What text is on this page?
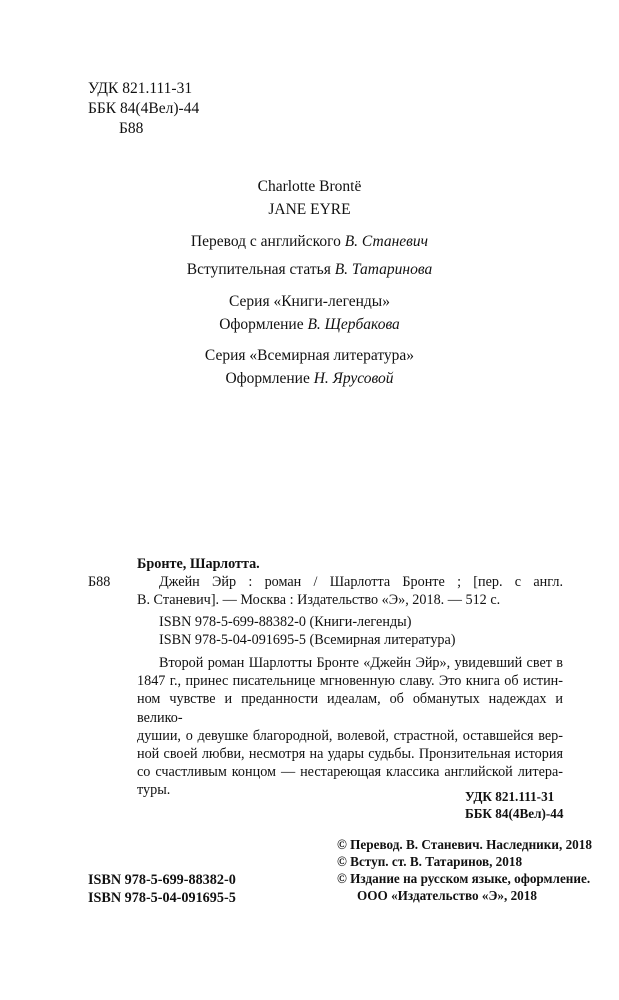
УДК 821.111-31
ББК 84(4Вел)-44
Б88
Charlotte Brontë
JANE EYRE
Перевод с английского В. Станевич
Вступительная статья В. Татаринова
Серия «Книги-легенды»
Оформление В. Щербакова
Серия «Всемирная литература»
Оформление Н. Ярусовой
Бронте, Шарлотта.
Б88	Джейн Эйр : роман / Шарлотта Бронте ; [пер. с англ.
В. Станевич]. — Москва : Издательство «Э», 2018. — 512 с.
ISBN 978-5-699-88382-0 (Книги-легенды)
ISBN 978-5-04-091695-5 (Всемирная литература)
Второй роман Шарлотты Бронте «Джейн Эйр», увидевший свет в
1847 г., принес писательнице мгновенную славу. Это книга об истин-
ном чувстве и преданности идеалам, об обманутых надеждах и велико-
душии, о девушке благородной, волевой, страстной, оставшейся вер-
ной своей любви, несмотря на удары судьбы. Пронзительная история
со счастливым концом — нестареющая классика английской литера-
туры.	УДК 821.111-31
ББК 84(4Вел)-44
© Перевод. В. Станевич. Наследники, 2018
© Вступ. ст. В. Татаринов, 2018
© Издание на русском языке, оформление.
ООО «Издательство «Э», 2018
ISBN 978-5-699-88382-0
ISBN 978-5-04-091695-5
